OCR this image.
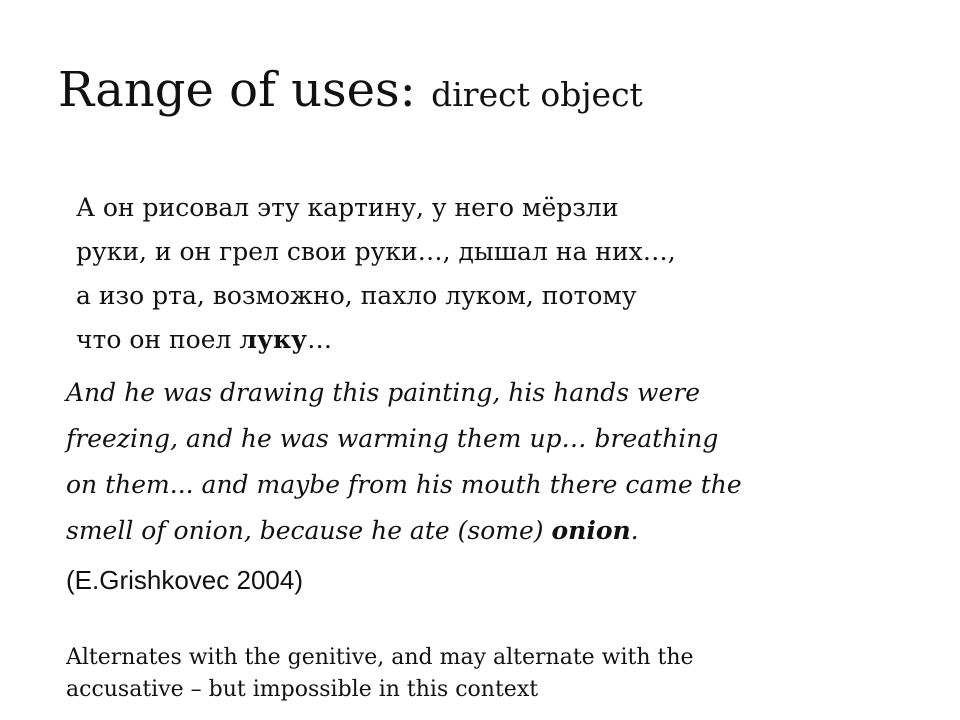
Range of uses: direct object
А он рисовал эту картину, у него мёрзли
руки, и он грел свои руки…, дышал на них…,
а изо рта, возможно, пахло луком, потому
что он поел луку…
And he was drawing this painting, his hands were
freezing, and he was warming them up… breathing
on them... and maybe from his mouth there came the
smell of onion, because he ate (some) onion.
(E.Grishkovec 2004)
Alternates with the genitive, and may alternate with the
accusative – but impossible in this context
